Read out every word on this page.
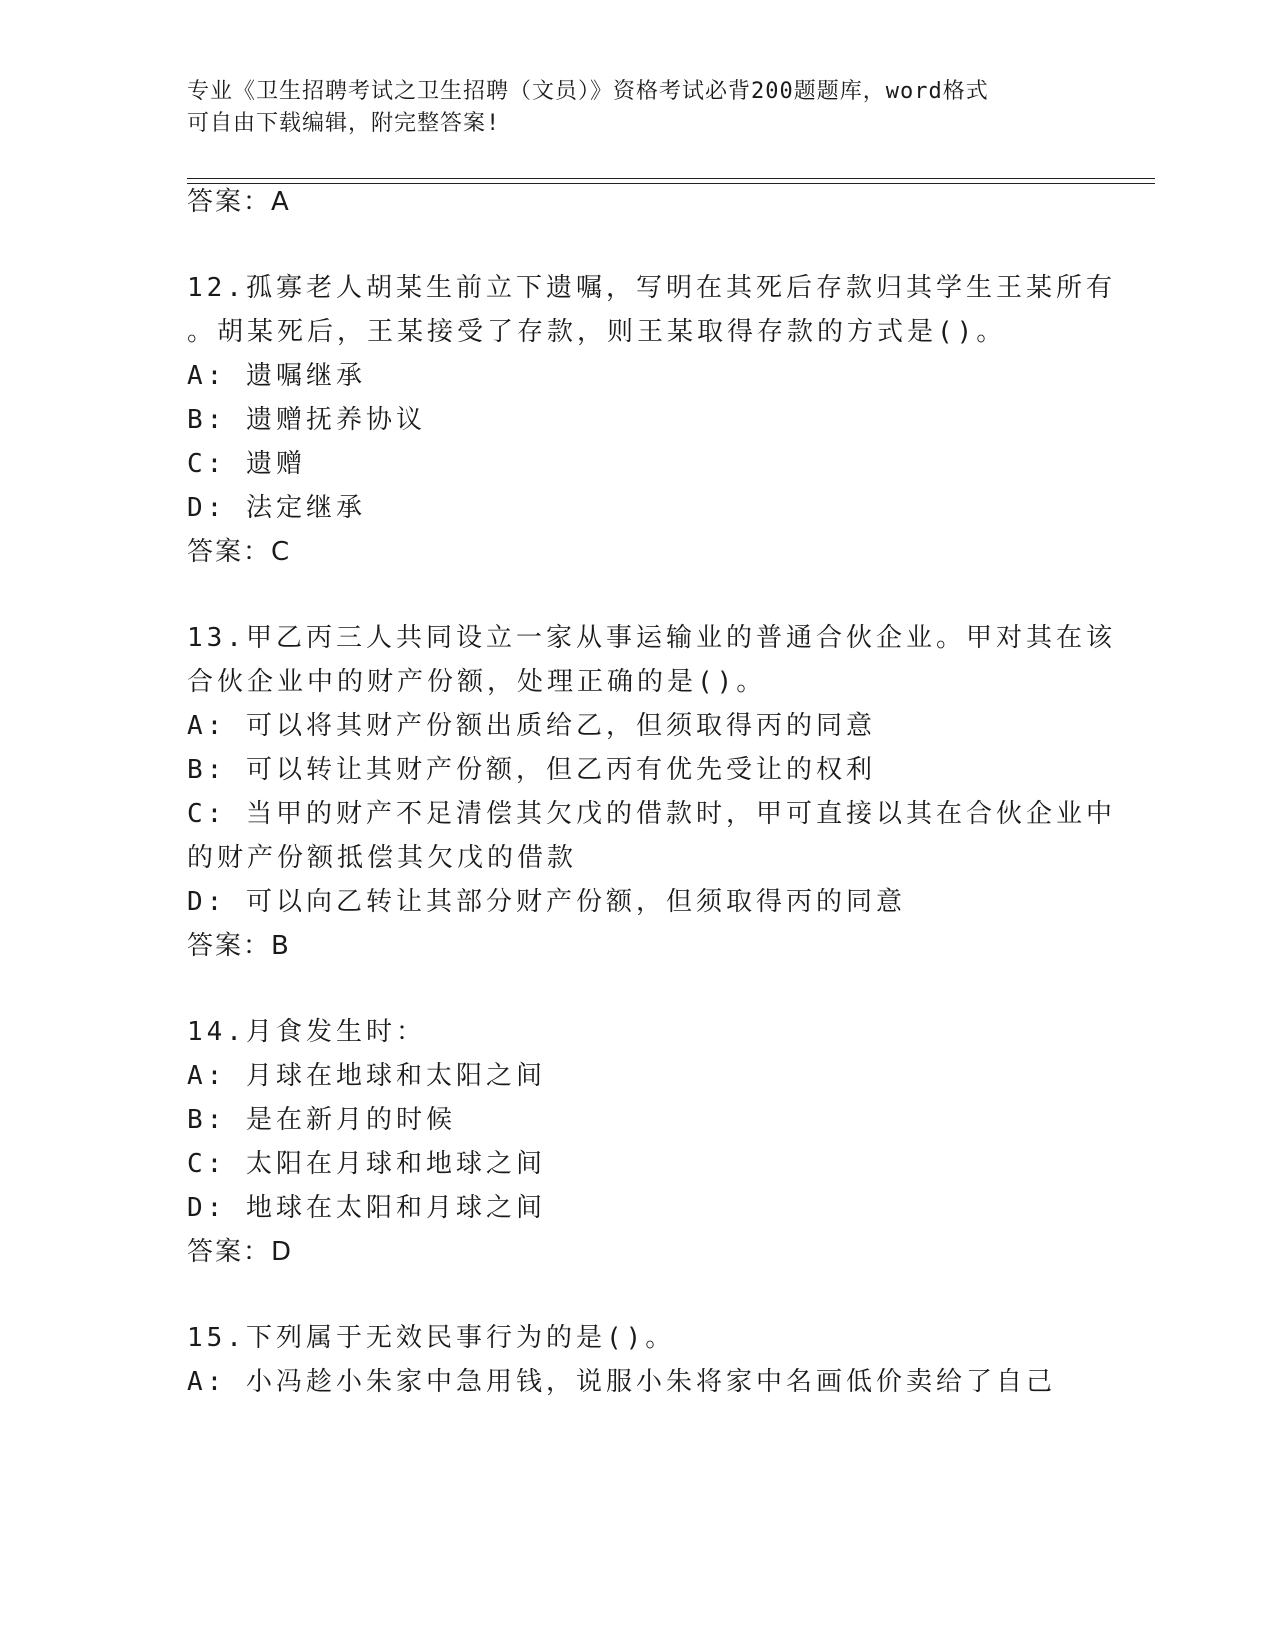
专业《卫生招聘考试之卫生招聘（文员）》资格考试必背200题题库，word格式
可自由下载编辑，附完整答案!
答案：A
12.孤寡老人胡某生前立下遗嘱，写明在其死后存款归其学生王某所有
。胡某死后，王某接受了存款，则王某取得存款的方式是()。
A: 遗嘱继承
B: 遗赠抚养协议
C: 遗赠
D: 法定继承
答案：C
13.甲乙丙三人共同设立一家从事运输业的普通合伙企业。甲对其在该
合伙企业中的财产份额，处理正确的是()。
A: 可以将其财产份额出质给乙，但须取得丙的同意
B: 可以转让其财产份额，但乙丙有优先受让的权利
C: 当甲的财产不足清偿其欠戊的借款时，甲可直接以其在合伙企业中
的财产份额抵偿其欠戊的借款
D: 可以向乙转让其部分财产份额，但须取得丙的同意
答案：B
14.月食发生时：
A: 月球在地球和太阳之间
B: 是在新月的时候
C: 太阳在月球和地球之间
D: 地球在太阳和月球之间
答案：D
15.下列属于无效民事行为的是()。
A: 小冯趁小朱家中急用钱，说服小朱将家中名画低价卖给了自己
